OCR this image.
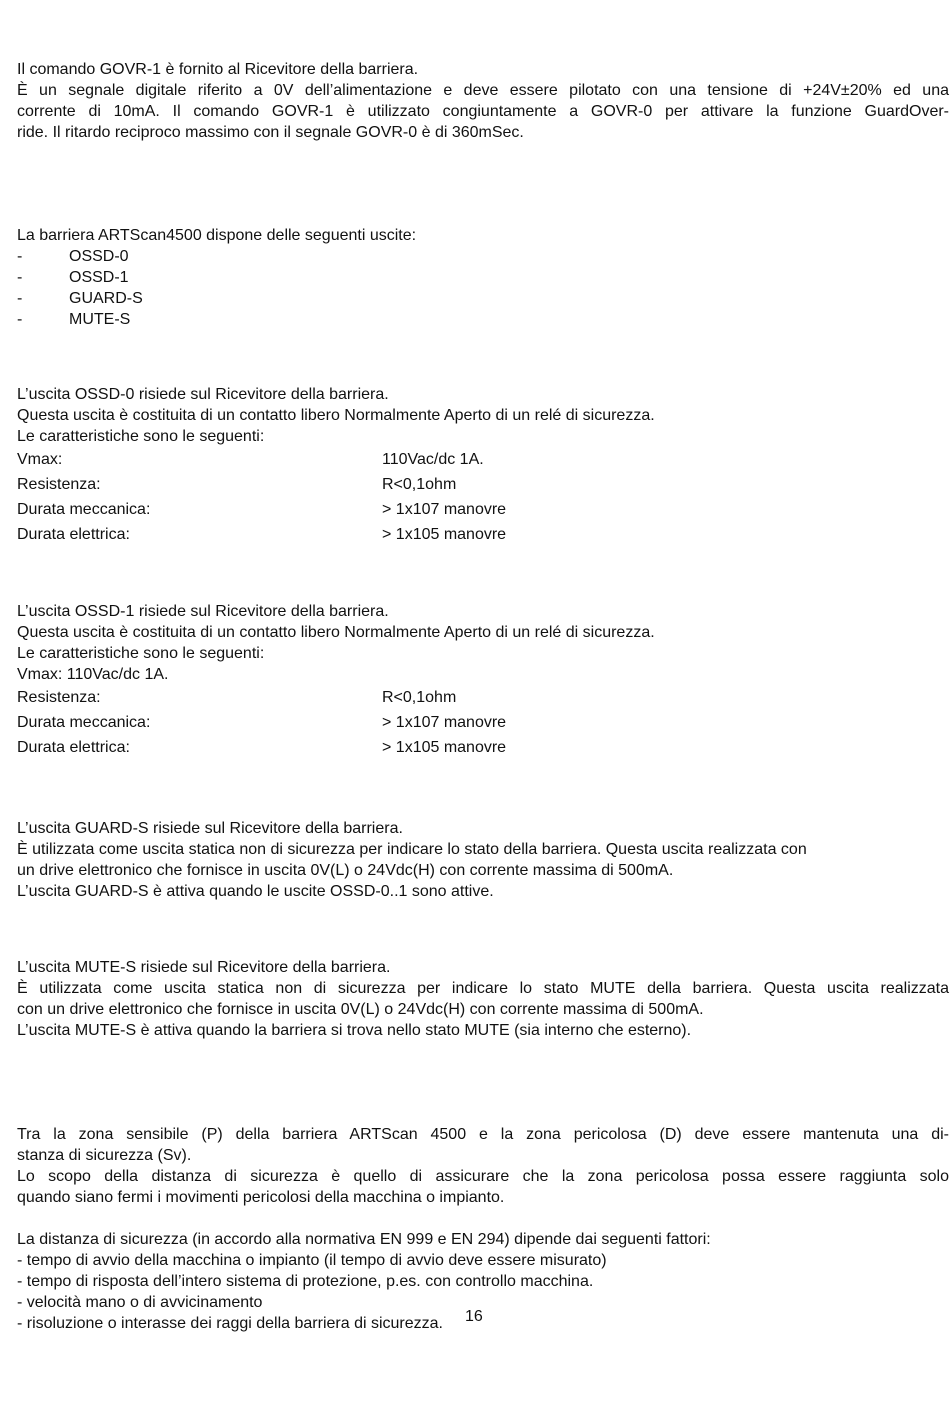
Il comando GOVR-1 è fornito al Ricevitore della barriera.
È un segnale digitale riferito a 0V dell’alimentazione e deve essere pilotato con una tensione di +24V±20% ed una
corrente di 10mA. Il comando GOVR-1 è utilizzato congiuntamente a GOVR-0 per attivare la funzione GuardOver-
ride. Il ritardo reciproco massimo con il segnale GOVR-0 è di 360mSec.
La barriera ARTScan4500 dispone delle seguenti uscite:
-	OSSD-0
-	OSSD-1
-	GUARD-S
-	MUTE-S
L’uscita OSSD-0 risiede sul Ricevitore della barriera.
Questa uscita è costituita di un contatto libero Normalmente Aperto di un relé di sicurezza.
Le caratteristiche sono le seguenti:
Vmax:	110Vac/dc 1A.
Resistenza:	R<0,1ohm
Durata meccanica:	> 1x107 manovre
Durata elettrica:	> 1x105 manovre
L’uscita OSSD-1 risiede sul Ricevitore della barriera.
Questa uscita è costituita di un contatto libero Normalmente Aperto di un relé di sicurezza.
Le caratteristiche sono le seguenti:
Vmax: 110Vac/dc 1A.
Resistenza:	R<0,1ohm
Durata meccanica:	> 1x107 manovre
Durata elettrica:	> 1x105 manovre
L’uscita GUARD-S risiede sul Ricevitore della barriera.
È utilizzata come uscita statica non di sicurezza per indicare lo stato della barriera. Questa uscita realizzata con
un drive elettronico che fornisce in uscita 0V(L) o 24Vdc(H) con corrente massima di 500mA.
L’uscita GUARD-S è attiva quando le uscite OSSD-0..1 sono attive.
L’uscita MUTE-S risiede sul Ricevitore della barriera.
È utilizzata come uscita statica non di sicurezza per indicare lo stato MUTE della barriera. Questa uscita realizzata
con un drive elettronico che fornisce in uscita 0V(L) o 24Vdc(H) con corrente massima di 500mA.
L’uscita MUTE-S è attiva quando la barriera si trova nello stato MUTE (sia interno che esterno).
Tra la zona sensibile (P) della barriera ARTScan 4500 e la zona pericolosa (D) deve essere mantenuta una di-
stanza di sicurezza (Sv).
Lo scopo della distanza di sicurezza è quello di assicurare che la zona pericolosa possa essere raggiunta solo
quando siano fermi i movimenti pericolosi della macchina o impianto.
La distanza di sicurezza (in accordo alla normativa EN 999 e EN 294) dipende dai seguenti fattori:
- tempo di avvio della macchina o impianto (il tempo di avvio deve essere misurato)
- tempo di risposta dell’intero sistema di protezione, p.es. con controllo macchina.
- velocità mano o di avvicinamento
- risoluzione o interasse dei raggi della barriera di sicurezza.	16
